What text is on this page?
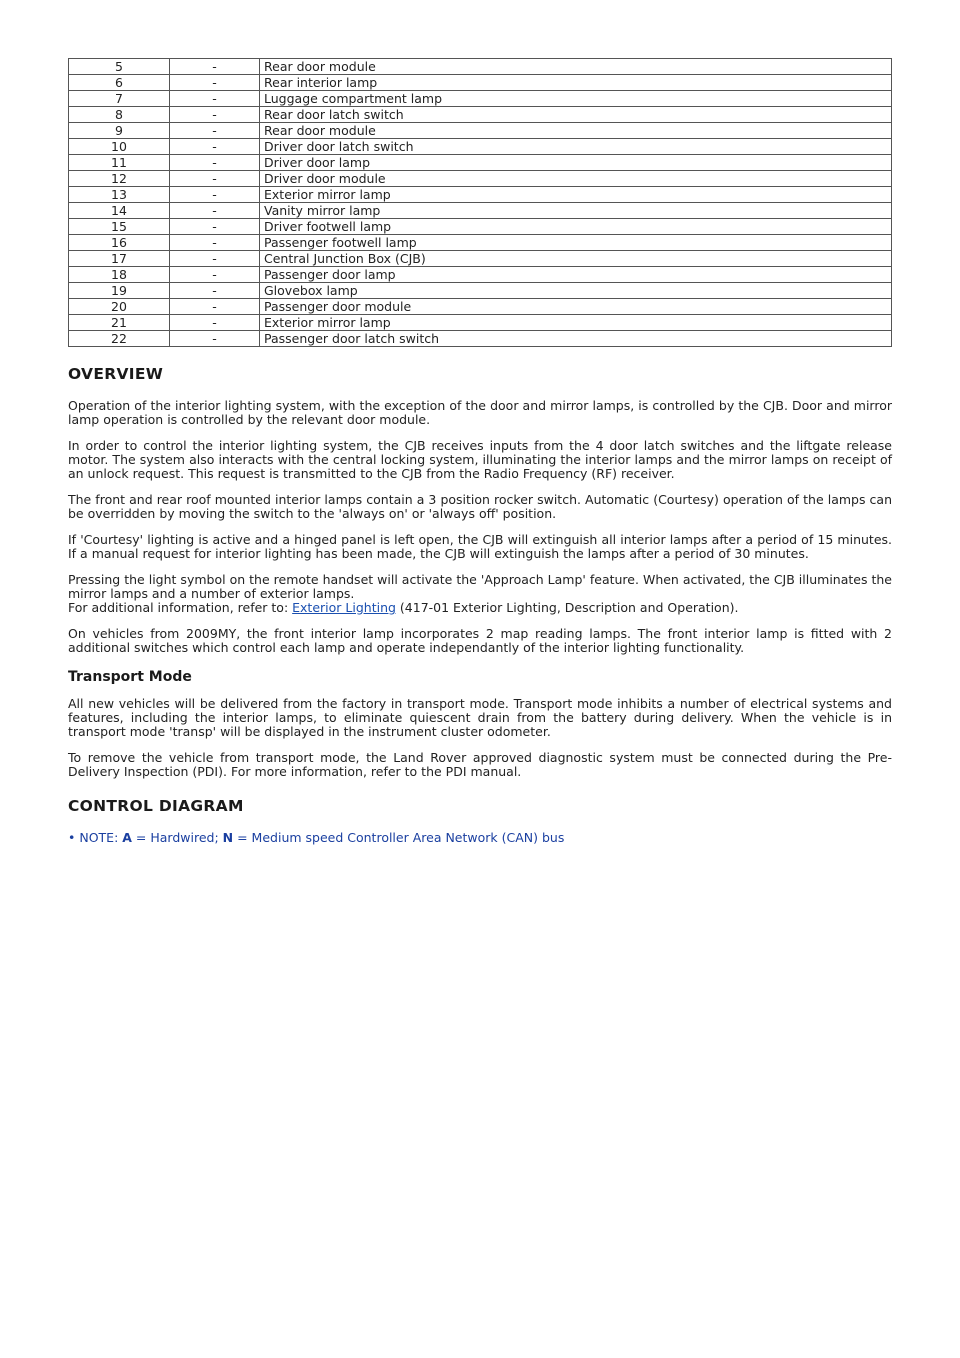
5	-	Rear door module
6	-	Rear interior lamp
7	-	Luggage compartment lamp
8	-	Rear door latch switch
9	-	Rear door module
10	-	Driver door latch switch
11	-	Driver door lamp
12	-	Driver door module
13	-	Exterior mirror lamp
14	-	Vanity mirror lamp
15	-	Driver footwell lamp
16	-	Passenger footwell lamp
17	-	Central Junction Box (CJB)
18	-	Passenger door lamp
19	-	Glovebox lamp
20	-	Passenger door module
21	-	Exterior mirror lamp
22	-	Passenger door latch switch
OVERVIEW

Operation of the interior lighting system, with the exception of the door and mirror lamps, is controlled by the CJB. Door and mirror lamp operation is controlled by the relevant door module.

In order to control the interior lighting system, the CJB receives inputs from the 4 door latch switches and the liftgate release motor. The system also interacts with the central locking system, illuminating the interior lamps and the mirror lamps on receipt of an unlock request. This request is transmitted to the CJB from the Radio Frequency (RF) receiver.

The front and rear roof mounted interior lamps contain a 3 position rocker switch. Automatic (Courtesy) operation of the lamps can be overridden by moving the switch to the 'always on' or 'always off' position.

If 'Courtesy' lighting is active and a hinged panel is left open, the CJB will extinguish all interior lamps after a period of 15 minutes. If a manual request for interior lighting has been made, the CJB will extinguish the lamps after a period of 30 minutes.

Pressing the light symbol on the remote handset will activate the 'Approach Lamp' feature. When activated, the CJB illuminates the mirror lamps and a number of exterior lamps.
For additional information, refer to: Exterior Lighting (417-01 Exterior Lighting, Description and Operation).

On vehicles from 2009MY, the front interior lamp incorporates 2 map reading lamps. The front interior lamp is fitted with 2 additional switches which control each lamp and operate independantly of the interior lighting functionality.

Transport Mode

All new vehicles will be delivered from the factory in transport mode. Transport mode inhibits a number of electrical systems and features, including the interior lamps, to eliminate quiescent drain from the battery during delivery. When the vehicle is in transport mode 'transp' will be displayed in the instrument cluster odometer.

To remove the vehicle from transport mode, the Land Rover approved diagnostic system must be connected during the Pre-Delivery Inspection (PDI). For more information, refer to the PDI manual.

CONTROL DIAGRAM

• NOTE: A = Hardwired; N = Medium speed Controller Area Network (CAN) bus
